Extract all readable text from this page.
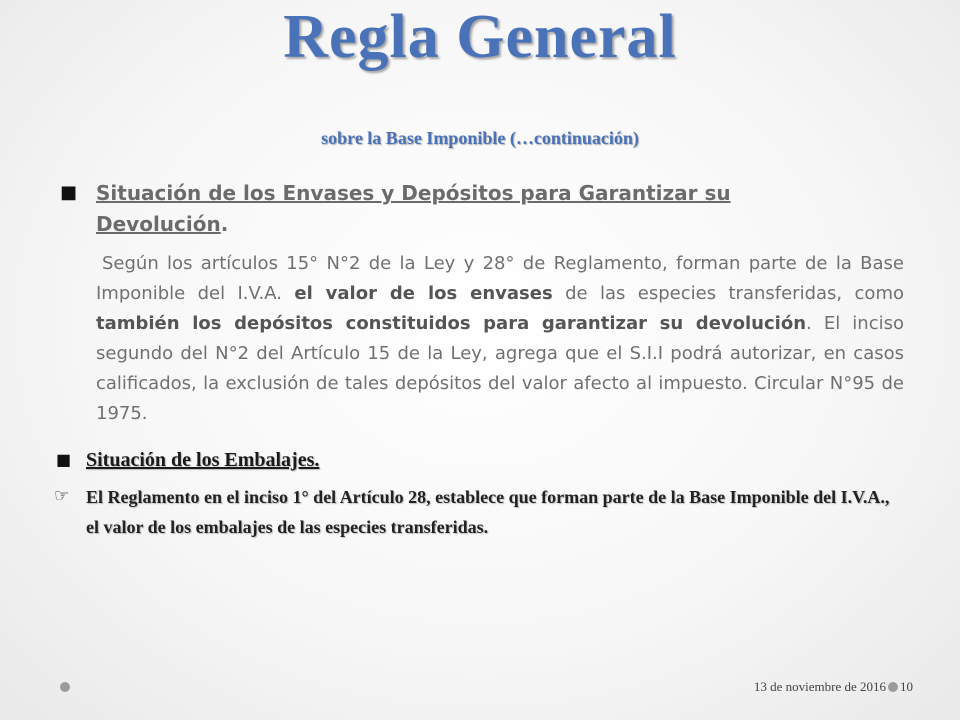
Regla General
sobre la Base Imponible (…continuación)
■ Situación de los Envases y Depósitos para Garantizar su Devolución.

Según los artículos 15° N°2 de la Ley y 28° de Reglamento, forman parte de la Base Imponible del I.V.A. el valor de los envases de las especies transferidas, como también los depósitos constituidos para garantizar su devolución. El inciso segundo del N°2 del Artículo 15 de la Ley, agrega que el S.I.I podrá autorizar, en casos calificados, la exclusión de tales depósitos del valor afecto al impuesto. Circular N°95 de 1975.

■ Situación de los Embalajes.
☞ El Reglamento en el inciso 1° del Artículo 28, establece que forman parte de la Base Imponible del I.V.A., el valor de los embalajes de las especies transferidas.

13 de noviembre de 2016 10
